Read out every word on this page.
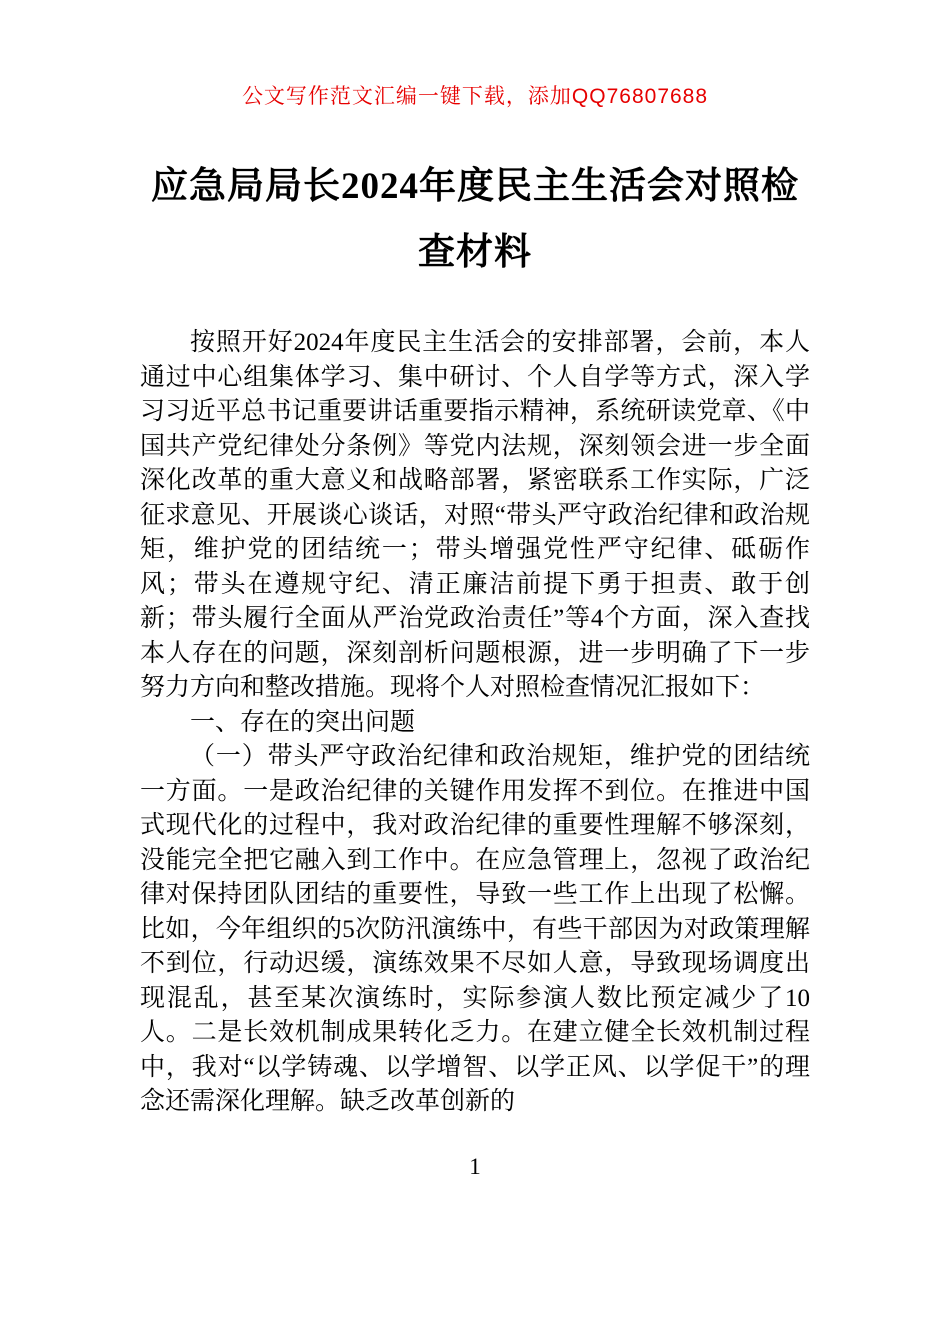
公文写作范文汇编一键下载，添加QQ76807688
应急局局长2024年度民主生活会对照检查材料

按照开好2024年度民主生活会的安排部署，会前，本人通过中心组集体学习、集中研讨、个人自学等方式，深入学习习近平总书记重要讲话重要指示精神，系统研读党章、《中国共产党纪律处分条例》等党内法规，深刻领会进一步全面深化改革的重大意义和战略部署，紧密联系工作实际，广泛征求意见、开展谈心谈话，对照“带头严守政治纪律和政治规矩，维护党的团结统一；带头增强党性严守纪律、砥砺作风；带头在遵规守纪、清正廉洁前提下勇于担责、敢于创新；带头履行全面从严治党政治责任”等4个方面，深入查找本人存在的问题，深刻剖析问题根源，进一步明确了下一步努力方向和整改措施。现将个人对照检查情况汇报如下：

一、存在的突出问题

（一）带头严守政治纪律和政治规矩，维护党的团结统一方面。一是政治纪律的关键作用发挥不到位。在推进中国式现代化的过程中，我对政治纪律的重要性理解不够深刻，没能完全把它融入到工作中。在应急管理上，忽视了政治纪律对保持团队团结的重要性，导致一些工作上出现了松懈。比如，今年组织的5次防汛演练中，有些干部因为对政策理解不到位，行动迟缓，演练效果不尽如人意，导致现场调度出现混乱，甚至某次演练时，实际参演人数比预定减少了10人。二是长效机制成果转化乏力。在建立健全长效机制过程中，我对“以学铸魂、以学增智、以学正风、以学促干”的理念还需深化理解。缺乏改革创新的

1
